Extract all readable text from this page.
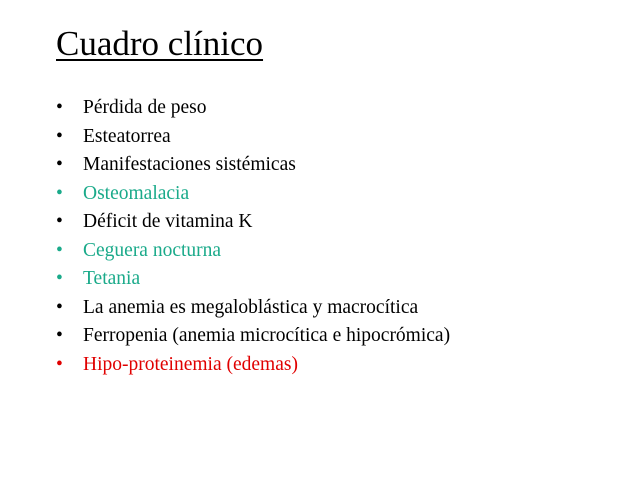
Cuadro clínico
•	Pérdida de peso
•	Esteatorrea
•	Manifestaciones sistémicas
•	Osteomalacia
•	Déficit de vitamina K
•	Ceguera nocturna
•	Tetania
•	La anemia es megaloblástica y macrocítica
•	Ferropenia (anemia microcítica e hipocrómica)
•	Hipo-proteinemia (edemas)
